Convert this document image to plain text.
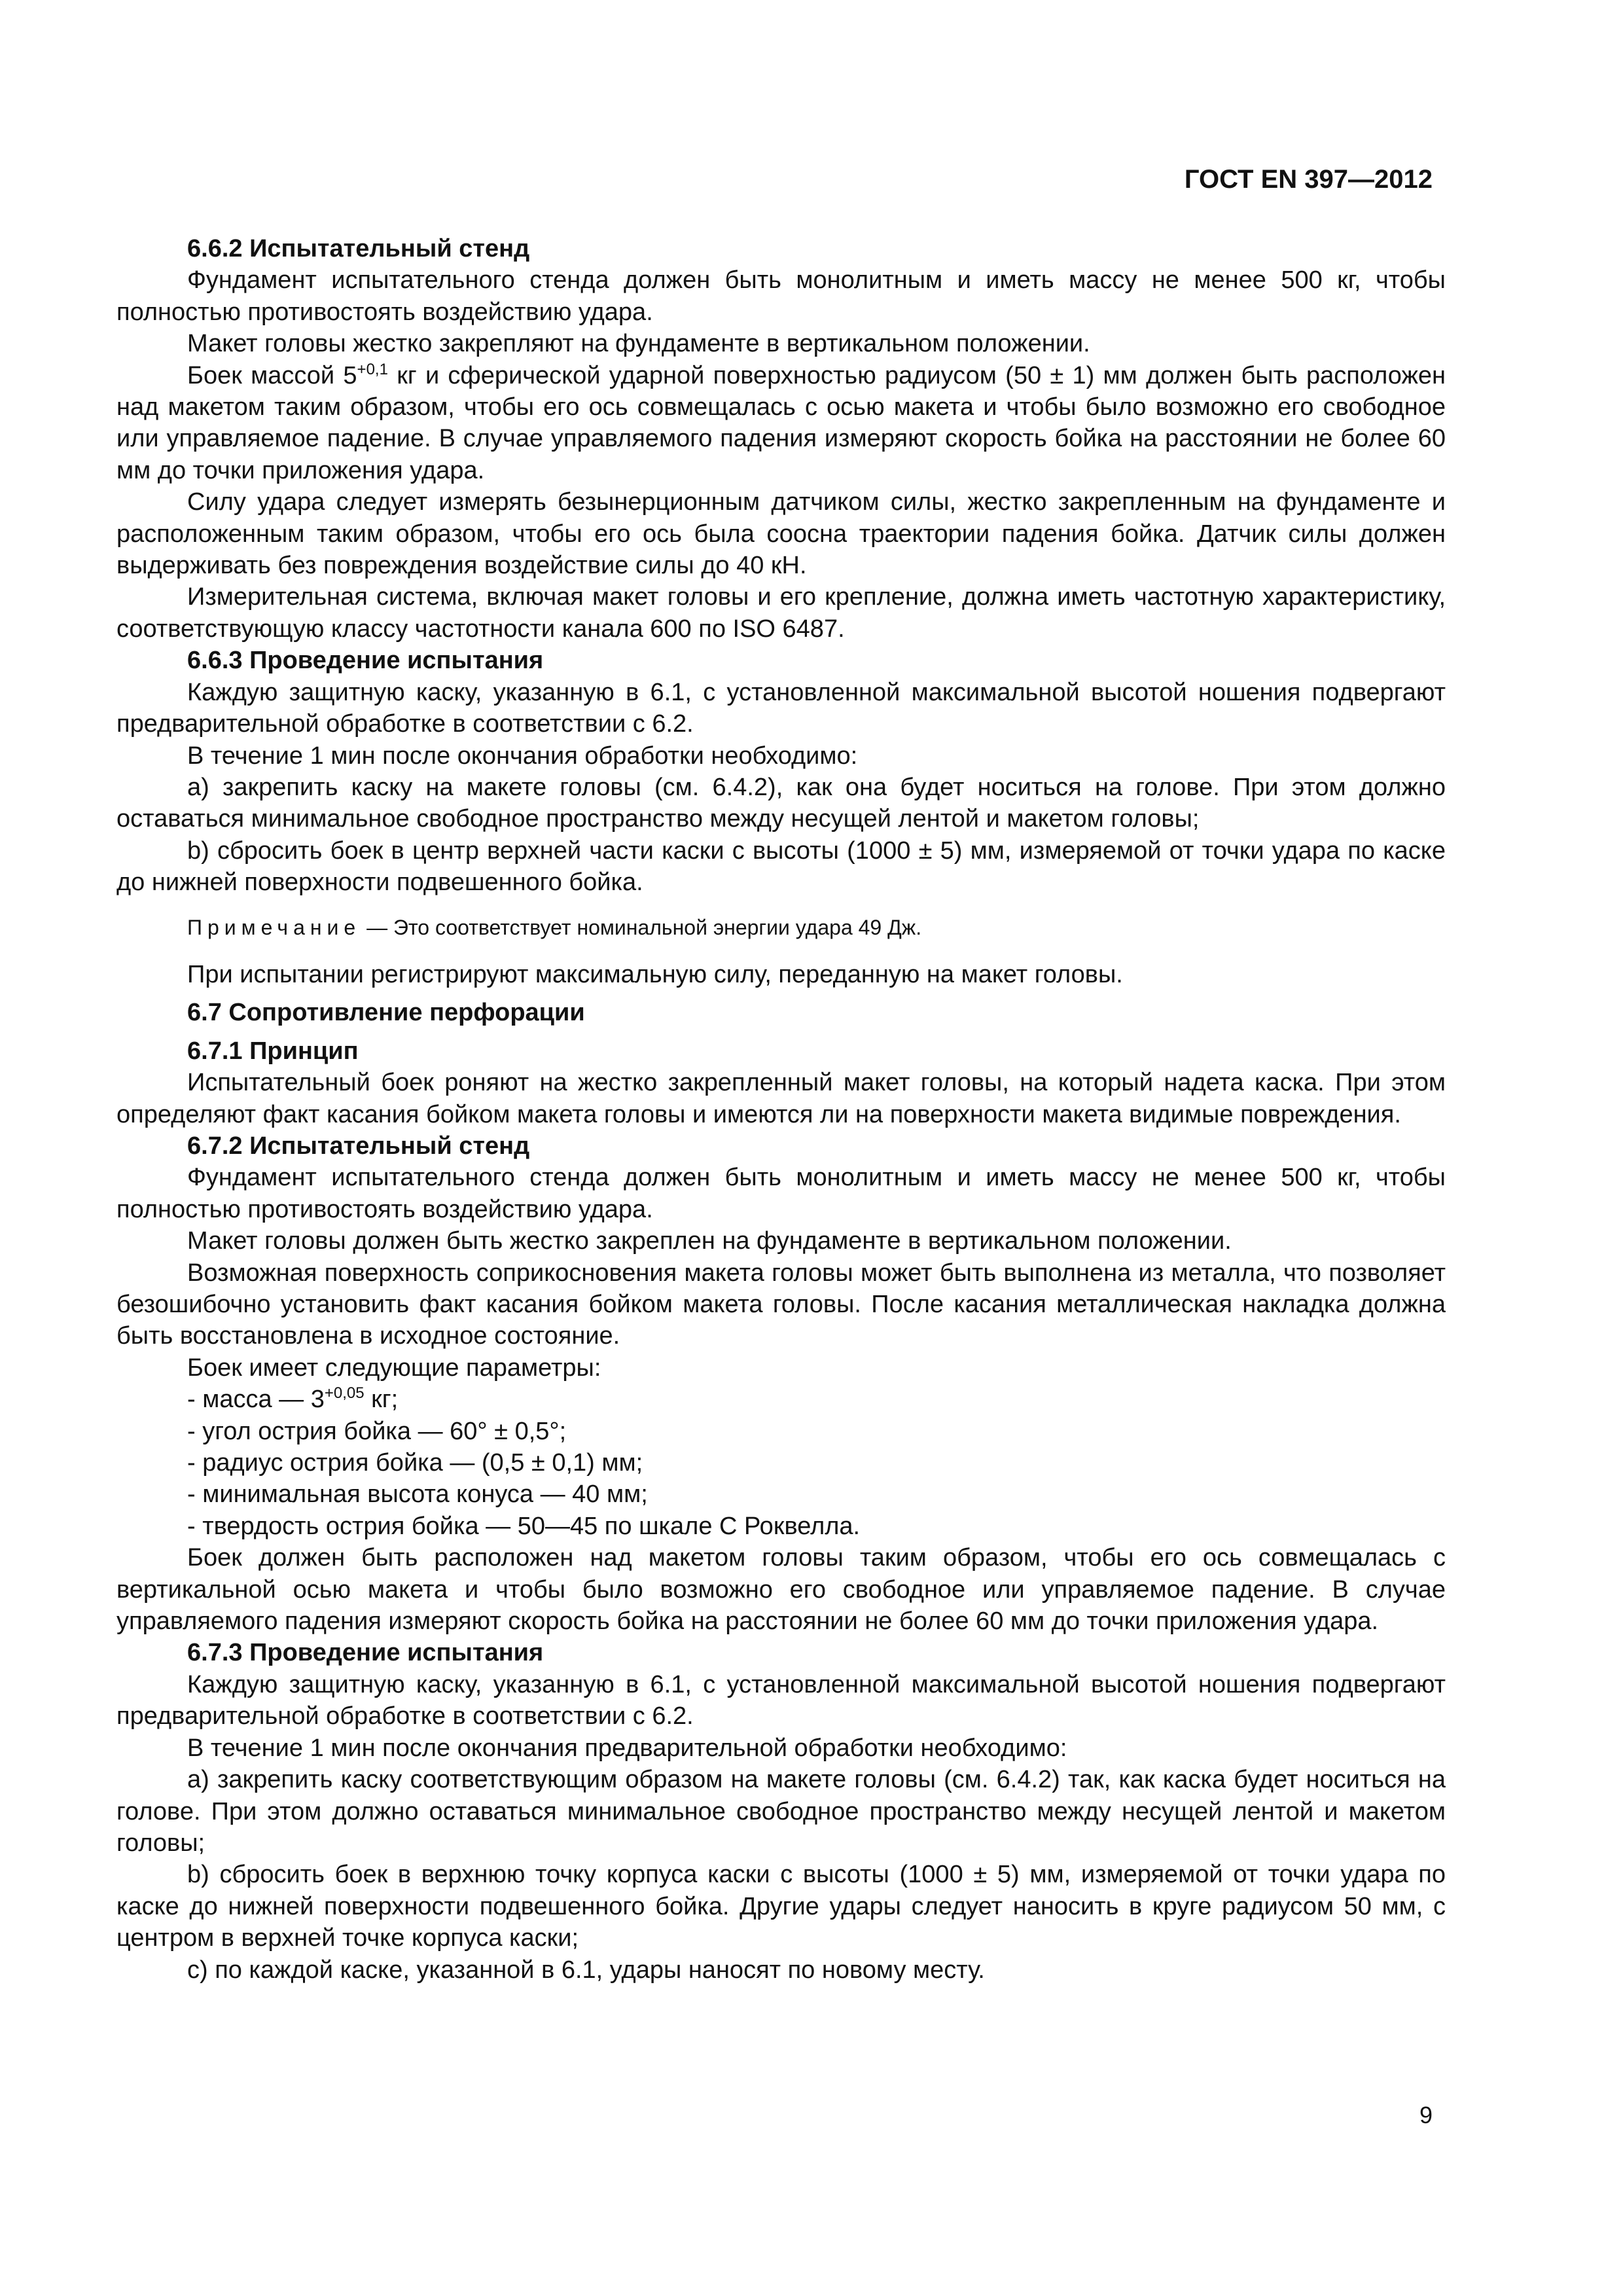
ГОСТ EN 397—2012

6.6.2 Испытательный стенд

Фундамент испытательного стенда должен быть монолитным и иметь массу не менее 500 кг, чтобы полностью противостоять воздействию удара.

Макет головы жестко закрепляют на фундаменте в вертикальном положении.

Боек массой $5^{+0,1}$ кг и сферической ударной поверхностью радиусом (50 ± 1) мм должен быть расположен над макетом таким образом, чтобы его ось совмещалась с осью макета и чтобы было возможно его свободное или управляемое падение. В случае управляемого падения измеряют скорость бойка на расстоянии не более 60 мм до точки приложения удара.

Силу удара следует измерять безынерционным датчиком силы, жестко закрепленным на фундаменте и расположенным таким образом, чтобы его ось была соосна траектории падения бойка. Датчик силы должен выдерживать без повреждения воздействие силы до 40 кН.

Измерительная система, включая макет головы и его крепление, должна иметь частотную характеристику, соответствующую классу частотности канала 600 по ISO 6487.

6.6.3 Проведение испытания

Каждую защитную каску, указанную в 6.1, с установленной максимальной высотой ношения подвергают предварительной обработке в соответствии с 6.2.

В течение 1 мин после окончания обработки необходимо:

a) закрепить каску на макете головы (см. 6.4.2), как она будет носиться на голове. При этом должно оставаться минимальное свободное пространство между несущей лентой и макетом головы;

b) сбросить боек в центр верхней части каски с высоты (1000 ± 5) мм, измеряемой от точки удара по каске до нижней поверхности подвешенного бойка.

Примечание — Это соответствует номинальной энергии удара 49 Дж.

При испытании регистрируют максимальную силу, переданную на макет головы.

6.7 Сопротивление перфорации

6.7.1 Принцип

Испытательный боек роняют на жестко закрепленный макет головы, на который надета каска. При этом определяют факт касания бойком макета головы и имеются ли на поверхности макета видимые повреждения.

6.7.2 Испытательный стенд

Фундамент испытательного стенда должен быть монолитным и иметь массу не менее 500 кг, чтобы полностью противостоять воздействию удара.

Макет головы должен быть жестко закреплен на фундаменте в вертикальном положении.

Возможная поверхность соприкосновения макета головы может быть выполнена из металла, что позволяет безошибочно установить факт касания бойком макета головы. После касания металлическая накладка должна быть восстановлена в исходное состояние.

Боек имеет следующие параметры:

- масса — $3^{+0,05}$ кг;

- угол острия бойка — 60° ± 0,5°;

- радиус острия бойка — (0,5 ± 0,1) мм;

- минимальная высота конуса — 40 мм;

- твердость острия бойка — 50—45 по шкале С Роквелла.

Боек должен быть расположен над макетом головы таким образом, чтобы его ось совмещалась с вертикальной осью макета и чтобы было возможно его свободное или управляемое падение. В случае управляемого падения измеряют скорость бойка на расстоянии не более 60 мм до точки приложения удара.

6.7.3 Проведение испытания

Каждую защитную каску, указанную в 6.1, с установленной максимальной высотой ношения подвергают предварительной обработке в соответствии с 6.2.

В течение 1 мин после окончания предварительной обработки необходимо:

a) закрепить каску соответствующим образом на макете головы (см. 6.4.2) так, как каска будет носиться на голове. При этом должно оставаться минимальное свободное пространство между несущей лентой и макетом головы;

b) сбросить боек в верхнюю точку корпуса каски с высоты (1000 ± 5) мм, измеряемой от точки удара по каске до нижней поверхности подвешенного бойка. Другие удары следует наносить в круге радиусом 50 мм, с центром в верхней точке корпуса каски;

c) по каждой каске, указанной в 6.1, удары наносят по новому месту.

9
